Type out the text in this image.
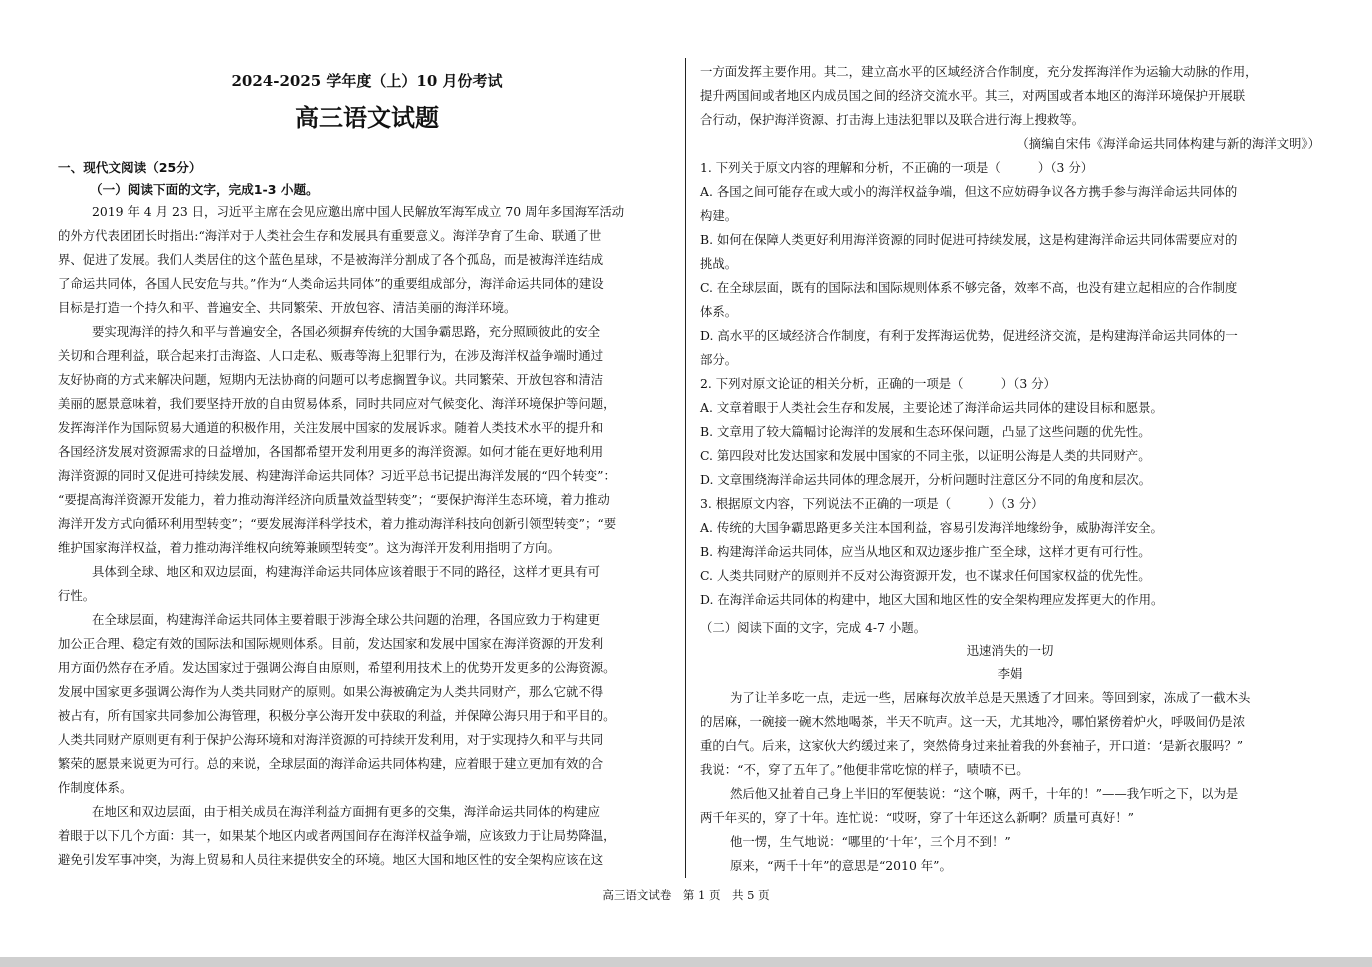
2024-2025 学年度（上）10 月份考试
高三语文试题
一、现代文阅读（25分）
（一）阅读下面的文字，完成1-3 小题。
2019 年 4 月 23 日，习近平主席在会见应邀出席中国人民解放军海军成立 70 周年多国海军活动
的外方代表团团长时指出:“海洋对于人类社会生存和发展具有重要意义。海洋孕育了生命、联通了世
界、促进了发展。我们人类居住的这个蓝色星球，不是被海洋分割成了各个孤岛，而是被海洋连结成
了命运共同体，各国人民安危与共。”作为“人类命运共同体”的重要组成部分，海洋命运共同体的建设
目标是打造一个持久和平、普遍安全、共同繁荣、开放包容、清洁美丽的海洋环境。
要实现海洋的持久和平与普遍安全，各国必须摒弃传统的大国争霸思路，充分照顾彼此的安全
关切和合理利益，联合起来打击海盗、人口走私、贩毒等海上犯罪行为，在涉及海洋权益争端时通过
友好协商的方式来解决问题，短期内无法协商的问题可以考虑搁置争议。共同繁荣、开放包容和清洁
美丽的愿景意味着，我们要坚持开放的自由贸易体系，同时共同应对气候变化、海洋环境保护等问题，
发挥海洋作为国际贸易大通道的积极作用，关注发展中国家的发展诉求。随着人类技术水平的提升和
各国经济发展对资源需求的日益增加，各国都希望开发利用更多的海洋资源。如何才能在更好地利用
海洋资源的同时又促进可持续发展、构建海洋命运共同体？习近平总书记提出海洋发展的“四个转变”：
“要提高海洋资源开发能力，着力推动海洋经济向质量效益型转变”；“要保护海洋生态环境，着力推动
海洋开发方式向循环利用型转变”；“要发展海洋科学技术，着力推动海洋科技向创新引领型转变”；“要
维护国家海洋权益，着力推动海洋维权向统筹兼顾型转变”。这为海洋开发利用指明了方向。
具体到全球、地区和双边层面，构建海洋命运共同体应该着眼于不同的路径，这样才更具有可
行性。
在全球层面，构建海洋命运共同体主要着眼于涉海全球公共问题的治理，各国应致力于构建更
加公正合理、稳定有效的国际法和国际规则体系。目前，发达国家和发展中国家在海洋资源的开发利
用方面仍然存在矛盾。发达国家过于强调公海自由原则，希望利用技术上的优势开发更多的公海资源。
发展中国家更多强调公海作为人类共同财产的原则。如果公海被确定为人类共同财产，那么它就不得
被占有，所有国家共同参加公海管理，积极分享公海开发中获取的利益，并保障公海只用于和平目的。
人类共同财产原则更有利于保护公海环境和对海洋资源的可持续开发利用，对于实现持久和平与共同
繁荣的愿景来说更为可行。总的来说，全球层面的海洋命运共同体构建，应着眼于建立更加有效的合
作制度体系。
在地区和双边层面，由于相关成员在海洋利益方面拥有更多的交集，海洋命运共同体的构建应
着眼于以下几个方面：其一，如果某个地区内或者两国间存在海洋权益争端，应该致力于让局势降温，
避免引发军事冲突，为海上贸易和人员往来提供安全的环境。地区大国和地区性的安全架构应该在这
一方面发挥主要作用。其二，建立高水平的区域经济合作制度，充分发挥海洋作为运输大动脉的作用，
提升两国间或者地区内成员国之间的经济交流水平。其三，对两国或者本地区的海洋环境保护开展联
合行动，保护海洋资源、打击海上违法犯罪以及联合进行海上搜救等。
（摘编自宋伟《海洋命运共同体构建与新的海洋文明》）
1. 下列关于原文内容的理解和分析，不正确的一项是（　　　）（3 分）
A. 各国之间可能存在或大或小的海洋权益争端，但这不应妨碍争议各方携手参与海洋命运共同体的
构建。
B. 如何在保障人类更好利用海洋资源的同时促进可持续发展，这是构建海洋命运共同体需要应对的
挑战。
C. 在全球层面，既有的国际法和国际规则体系不够完备，效率不高，也没有建立起相应的合作制度
体系。
D. 高水平的区域经济合作制度，有利于发挥海运优势，促进经济交流，是构建海洋命运共同体的一
部分。
2. 下列对原文论证的相关分析，正确的一项是（　　　）（3 分）
A. 文章着眼于人类社会生存和发展，主要论述了海洋命运共同体的建设目标和愿景。
B. 文章用了较大篇幅讨论海洋的发展和生态环保问题，凸显了这些问题的优先性。
C. 第四段对比发达国家和发展中国家的不同主张，以证明公海是人类的共同财产。
D. 文章围绕海洋命运共同体的理念展开，分析问题时注意区分不同的角度和层次。
3. 根据原文内容，下列说法不正确的一项是（　　　）（3 分）
A. 传统的大国争霸思路更多关注本国利益，容易引发海洋地缘纷争，威胁海洋安全。
B. 构建海洋命运共同体，应当从地区和双边逐步推广至全球，这样才更有可行性。
C. 人类共同财产的原则并不反对公海资源开发，也不谋求任何国家权益的优先性。
D. 在海洋命运共同体的构建中，地区大国和地区性的安全架构理应发挥更大的作用。
（二）阅读下面的文字，完成 4-7 小题。
迅速消失的一切
李娟
为了让羊多吃一点，走远一些，居麻每次放羊总是天黑透了才回来。等回到家，冻成了一截木头
的居麻，一碗接一碗木然地喝茶，半天不吭声。这一天，尤其地冷，哪怕紧傍着炉火，呼吸间仍是浓
重的白气。后来，这家伙大约缓过来了，突然倚身过来扯着我的外套袖子，开口道：‘是新衣服吗？”
我说：“不，穿了五年了。”他便非常吃惊的样子，啧啧不已。
然后他又扯着自己身上半旧的军便装说：“这个嘛，两千，十年的！”——我乍听之下，以为是
两千年买的，穿了十年。连忙说：“哎呀，穿了十年还这么新啊？质量可真好！”
他一愣，生气地说：“哪里的‘十年’，三个月不到！”
原来，“两千十年”的意思是“2010 年”。
高三语文试卷　第 1 页　共 5 页
